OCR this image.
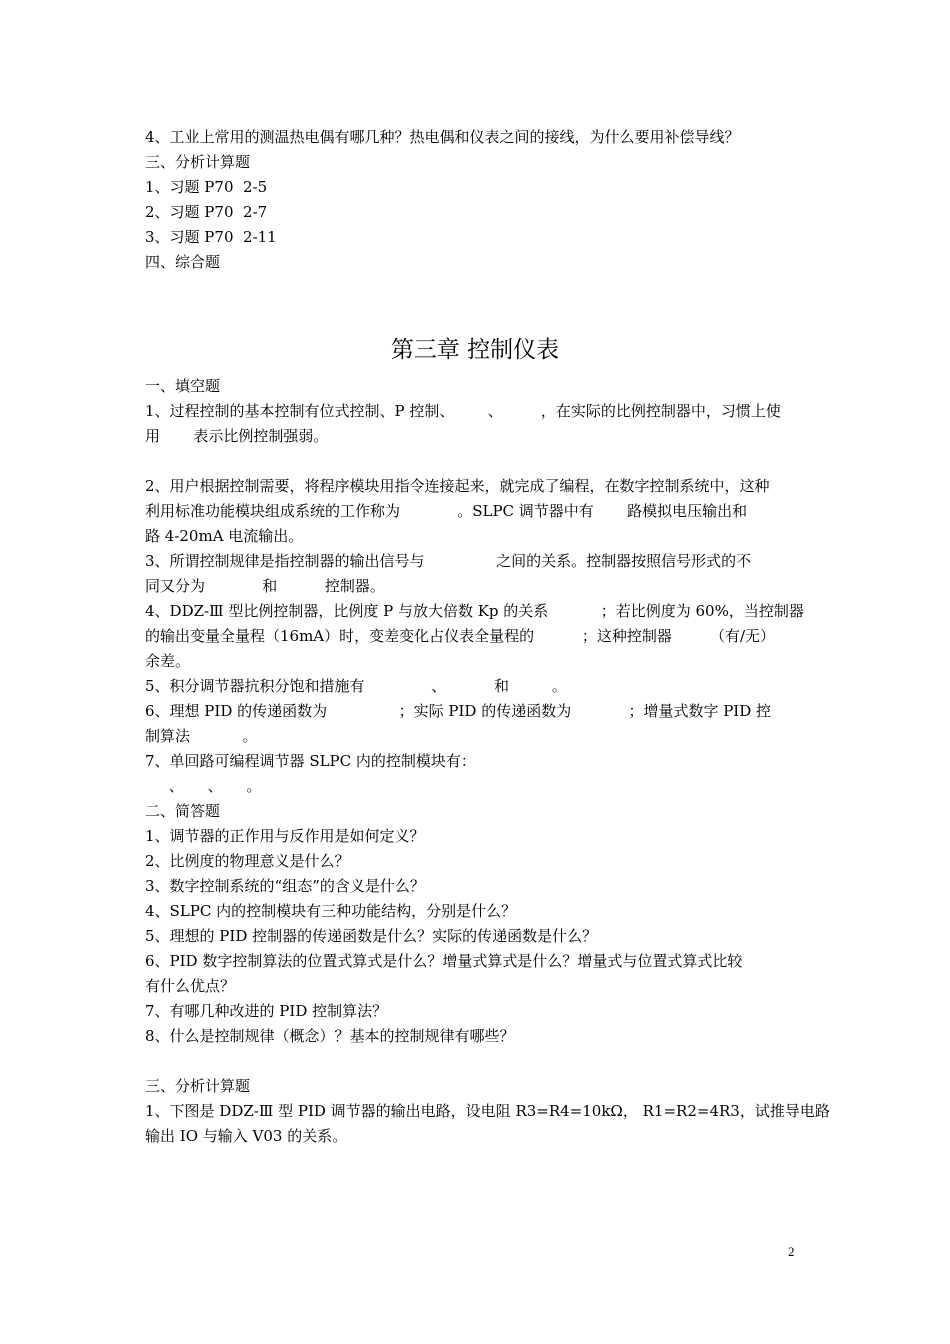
4、工业上常用的测温热电偶有哪几种？热电偶和仪表之间的接线，为什么要用补偿导线？
三、分析计算题
1、习题 P70  2-5
2、习题 P70  2-7
3、习题 P70  2-11
四、综合题
第三章 控制仪表
一、填空题
1、过程控制的基本控制有位式控制、P 控制、       、        ，在实际的比例控制器中，习惯上使
用       表示比例控制强弱。
2、用户根据控制需要，将程序模块用指令连接起来，就完成了编程，在数字控制系统中，这种
利用标准功能模块组成系统的工作称为            。SLPC 调节器中有       路模拟电压输出和
路 4-20mA 电流输出。
3、所谓控制规律是指控制器的输出信号与               之间的关系。控制器按照信号形式的不
同又分为            和          控制器。
4、DDZ-Ⅲ 型比例控制器，比例度 P 与放大倍数 Kp 的关系           ；若比例度为 60%，当控制器
的输出变量全量程（16mA）时，变差变化占仪表全量程的          ；这种控制器        （有/无）
余差。
5、积分调节器抗积分饱和措施有              、          和         。
6、理想 PID 的传递函数为               ；实际 PID 的传递函数为            ；增量式数字 PID 控
制算法           。
7、单回路可编程调节器 SLPC 内的控制模块有：
、     、     。
二、简答题
1、调节器的正作用与反作用是如何定义？
2、比例度的物理意义是什么？
3、数字控制系统的“组态”的含义是什么？
4、SLPC 内的控制模块有三种功能结构，分别是什么？
5、理想的 PID 控制器的传递函数是什么？实际的传递函数是什么？
6、PID 数字控制算法的位置式算式是什么？增量式算式是什么？增量式与位置式算式比较
有什么优点？
7、有哪几种改进的 PID 控制算法？
8、什么是控制规律（概念）？基本的控制规律有哪些？
三、分析计算题
1、下图是 DDZ-Ⅲ 型 PID 调节器的输出电路，设电阻 R3=R4=10kΩ， R1=R2=4R3，试推导电路
输出 IO 与输入 V03 的关系。
2
